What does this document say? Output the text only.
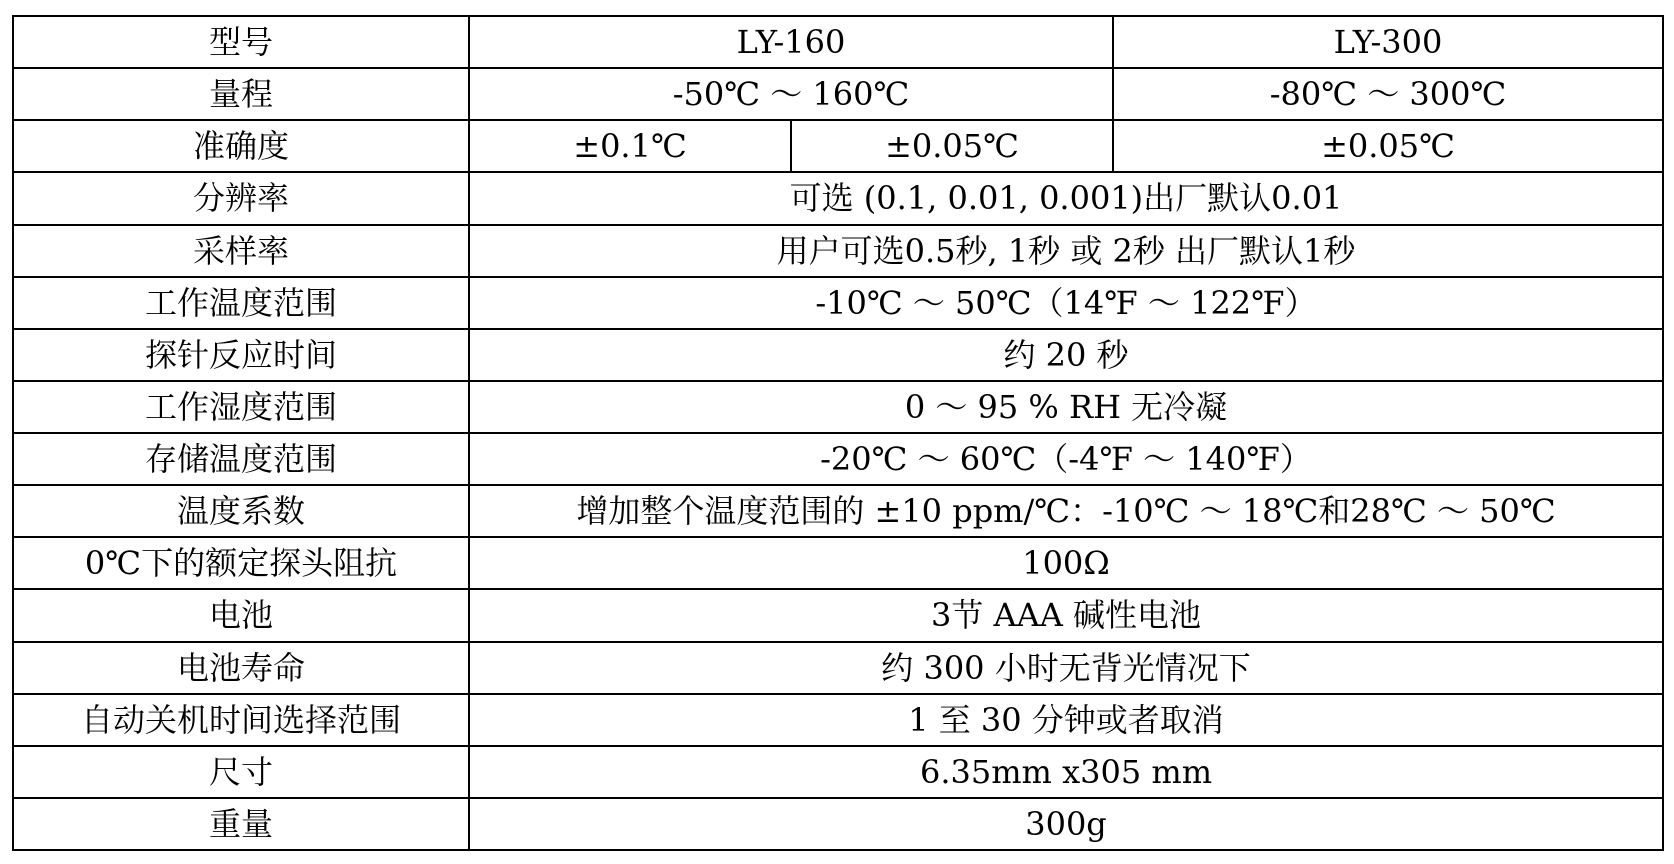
型号	LY-160		LY-300
量程	-50℃ ～ 160℃		-80℃ ～ 300℃
准确度	±0.1℃	±0.05℃	±0.05℃
分辨率	可选 (0.1, 0.01, 0.001)出厂默认0.01		
采样率	用户可选0.5秒, 1秒 或 2秒 出厂默认1秒		
工作温度范围	-10℃ ～ 50℃（14℉ ～ 122℉）		
探针反应时间	约 20 秒		
工作湿度范围	0 ～ 95 % RH 无冷凝		
存储温度范围	-20℃ ～ 60℃（-4℉ ～ 140℉）		
温度系数	增加整个温度范围的 ±10 ppm/℃：-10℃ ～ 18℃和28℃ ～ 50℃		
0℃下的额定探头阻抗	100Ω		
电池	3节 AAA 碱性电池		
电池寿命	约 300 小时无背光情况下		
自动关机时间选择范围	1 至 30 分钟或者取消		
尺寸	6.35mm x305 mm		
重量	300g		
